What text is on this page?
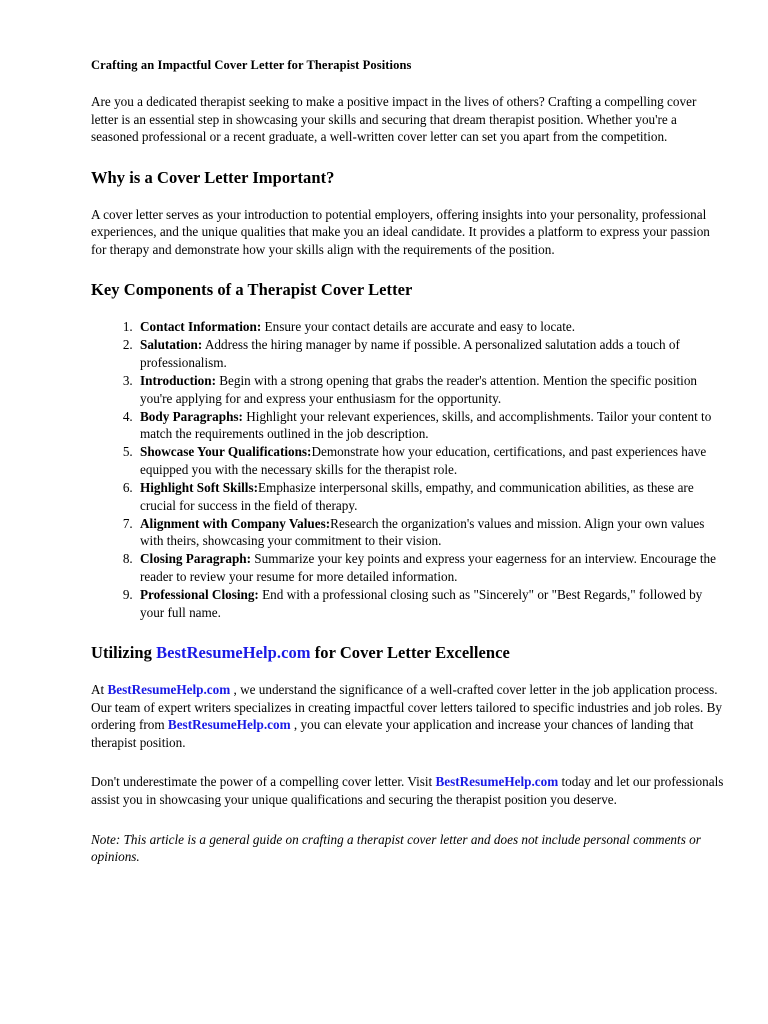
Crafting an Impactful Cover Letter for Therapist Positions

Are you a dedicated therapist seeking to make a positive impact in the lives of others? Crafting a compelling cover letter is an essential step in showcasing your skills and securing that dream therapist position. Whether you're a seasoned professional or a recent graduate, a well-written cover letter can set you apart from the competition.

Why is a Cover Letter Important?

A cover letter serves as your introduction to potential employers, offering insights into your personality, professional experiences, and the unique qualities that make you an ideal candidate. It provides a platform to express your passion for therapy and demonstrate how your skills align with the requirements of the position.

Key Components of a Therapist Cover Letter
1. Contact Information: Ensure your contact details are accurate and easy to locate.
2. Salutation: Address the hiring manager by name if possible. A personalized salutation adds a touch of professionalism.
3. Introduction: Begin with a strong opening that grabs the reader's attention. Mention the specific position you're applying for and express your enthusiasm for the opportunity.
4. Body Paragraphs: Highlight your relevant experiences, skills, and accomplishments. Tailor your content to match the requirements outlined in the job description.
5. Showcase Your Qualifications:Demonstrate how your education, certifications, and past experiences have equipped you with the necessary skills for the therapist role.
6. Highlight Soft Skills:Emphasize interpersonal skills, empathy, and communication abilities, as these are crucial for success in the field of therapy.
7. Alignment with Company Values:Research the organization's values and mission. Align your own values with theirs, showcasing your commitment to their vision.
8. Closing Paragraph: Summarize your key points and express your eagerness for an interview. Encourage the reader to review your resume for more detailed information.
9. Professional Closing: End with a professional closing such as "Sincerely" or "Best Regards," followed by your full name.
Utilizing BestResumeHelp.com for Cover Letter Excellence

At BestResumeHelp.com , we understand the significance of a well-crafted cover letter in the job application process. Our team of expert writers specializes in creating impactful cover letters tailored to specific industries and job roles. By ordering from BestResumeHelp.com , you can elevate your application and increase your chances of landing that therapist position.

Don't underestimate the power of a compelling cover letter. Visit BestResumeHelp.com today and let our professionals assist you in showcasing your unique qualifications and securing the therapist position you deserve.

Note: This article is a general guide on crafting a therapist cover letter and does not include personal comments or opinions.
